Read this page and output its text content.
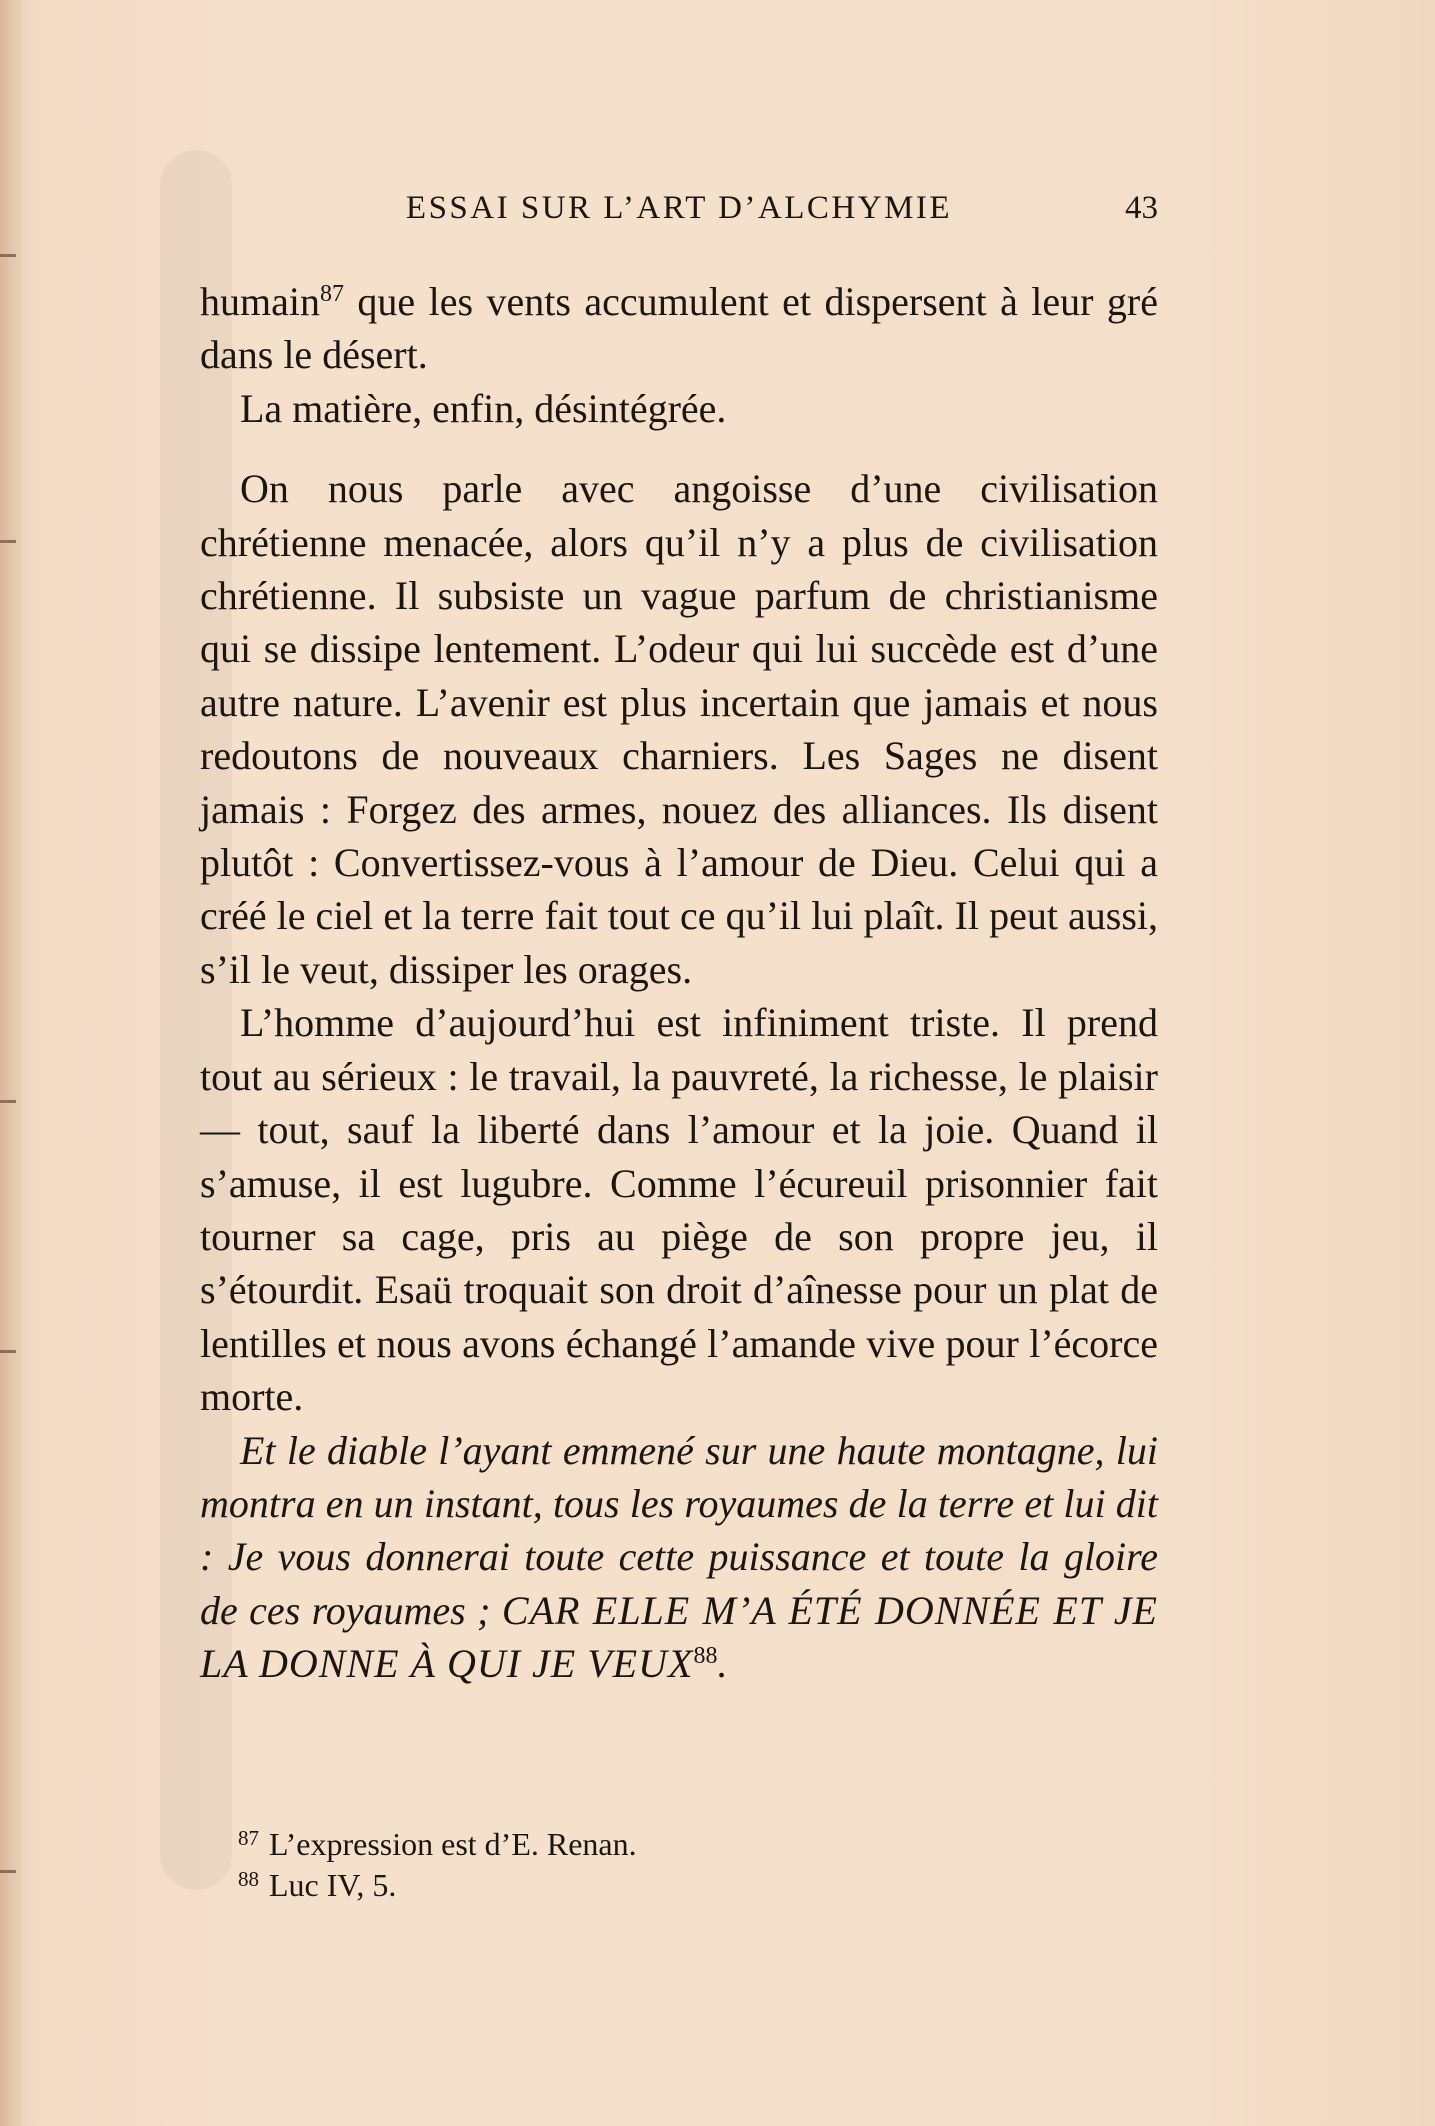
ESSAI SUR L’ART D’ALCHYMIE	43

humain$^{87}$ que les vents accumulent et dispersent à leur gré dans le désert.

La matière, enfin, désintégrée.

On nous parle avec angoisse d’une civilisation chrétienne menacée, alors qu’il n’y a plus de civilisation chrétienne. Il subsiste un vague parfum de christianisme qui se dissipe lentement. L’odeur qui lui succède est d’une autre nature. L’avenir est plus incertain que jamais et nous redoutons de nouveaux charniers. Les Sages ne disent jamais : Forgez des armes, nouez des alliances. Ils disent plutôt : Convertissez-vous à l’amour de Dieu. Celui qui a créé le ciel et la terre fait tout ce qu’il lui plaît. Il peut aussi, s’il le veut, dissiper les orages.

L’homme d’aujourd’hui est infiniment triste. Il prend tout au sérieux : le travail, la pauvreté, la richesse, le plaisir — tout, sauf la liberté dans l’amour et la joie. Quand il s’amuse, il est lugubre. Comme l’écureuil prisonnier fait tourner sa cage, pris au piège de son propre jeu, il s’étourdit. Esaü troquait son droit d’aînesse pour un plat de lentilles et nous avons échangé l’amande vive pour l’écorce morte.

Et le diable l’ayant emmené sur une haute montagne, lui montra en un instant, tous les royaumes de la terre et lui dit : Je vous donnerai toute cette puissance et toute la gloire de ces royaumes ; CAR ELLE M’A ÉTÉ DONNÉE ET JE LA DONNE À QUI JE VEUX$^{88}$.

$^{87}$ L’expression est d’E. Renan.
$^{88}$ Luc IV, 5.
